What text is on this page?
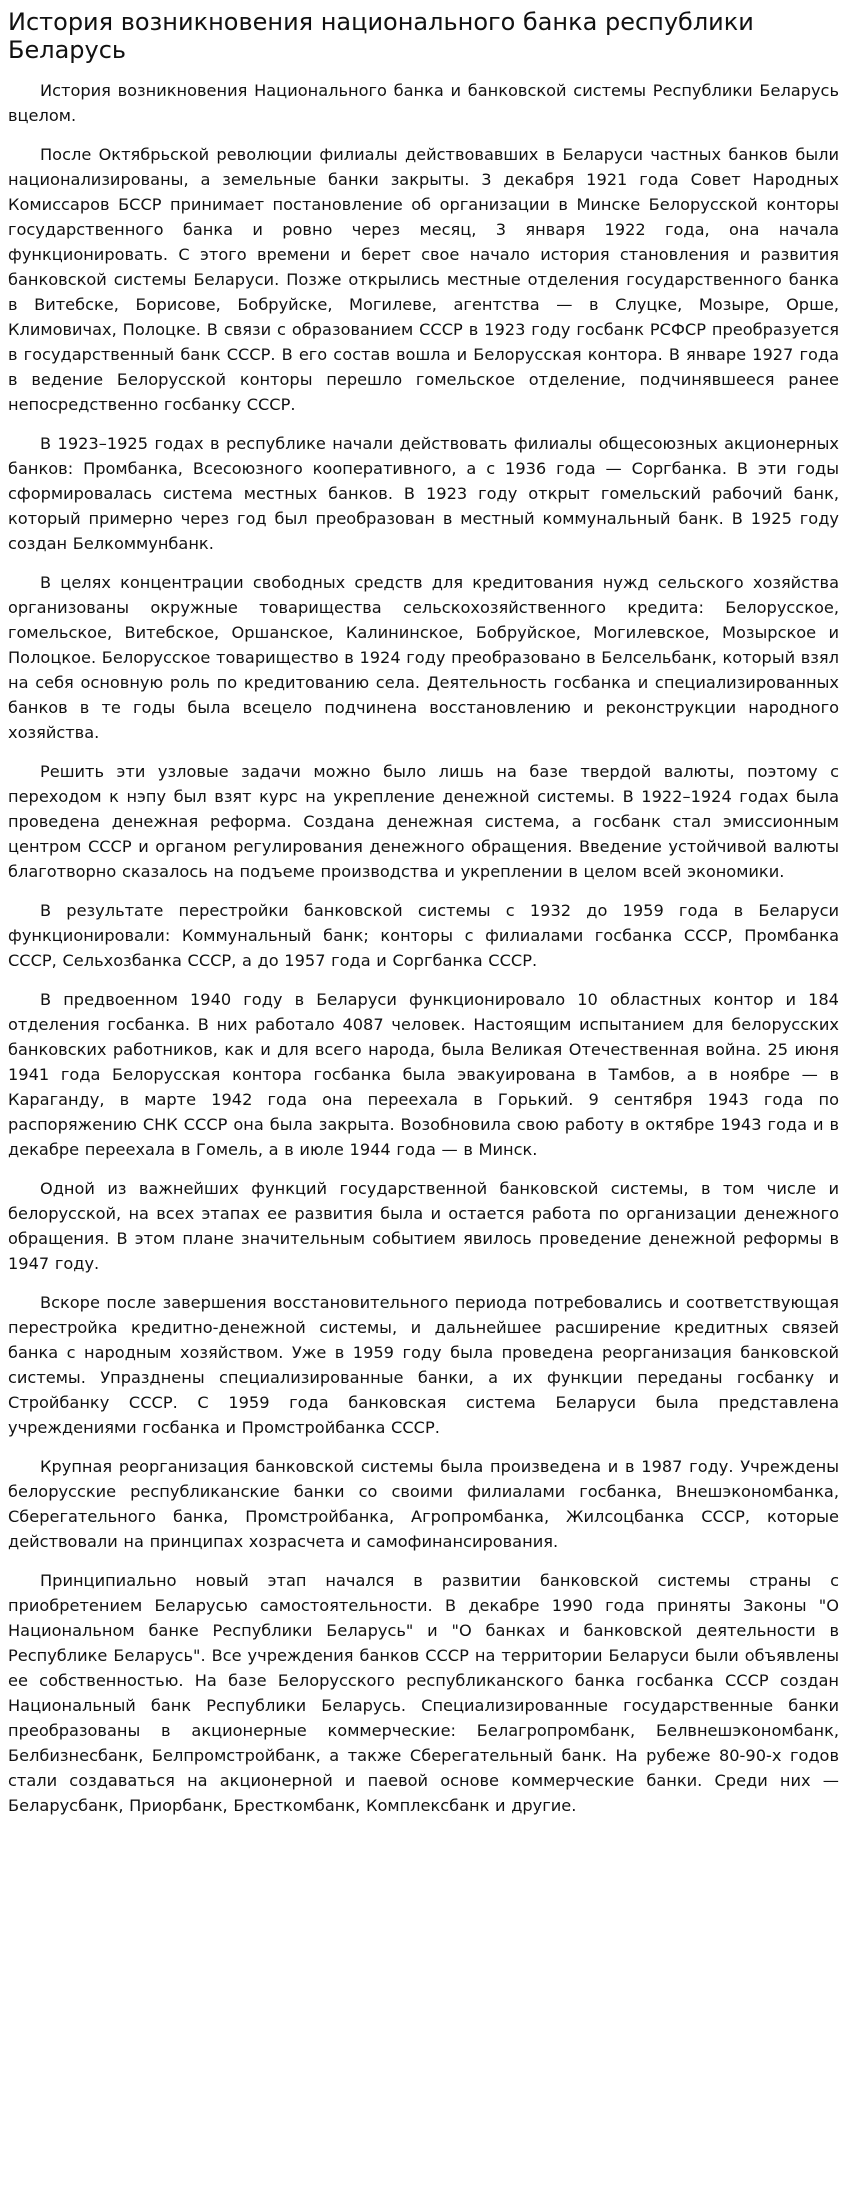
История возникновения национального банка республики Беларусь

История возникновения Национального банка и банковской системы Республики Беларусь вцелом.

После Октябрьской революции филиалы действовавших в Беларуси частных банков были национализированы, а земельные банки закрыты. 3 декабря 1921 года Совет Народных Комиссаров БССР принимает постановление об организации в Минске Белорусской конторы государственного банка и ровно через месяц, 3 января 1922 года, она начала функционировать. С этого времени и берет свое начало история становления и развития банковской системы Беларуси. Позже открылись местные отделения государственного банка в Витебске, Борисове, Бобруйске, Могилеве, агентства — в Слуцке, Мозыре, Орше, Климовичах, Полоцке. В связи с образованием СССР в 1923 году госбанк РСФСР преобразуется в государственный банк СССР. В его состав вошла и Белорусская контора. В январе 1927 года в ведение Белорусской конторы перешло гомельское отделение, подчинявшееся ранее непосредственно госбанку СССР.

В 1923–1925 годах в республике начали действовать филиалы общесоюзных акционерных банков: Промбанка, Всесоюзного кооперативного, а с 1936 года — Соргбанка. В эти годы сформировалась система местных банков. В 1923 году открыт гомельский рабочий банк, который примерно через год был преобразован в местный коммунальный банк. В 1925 году создан Белкоммунбанк.

В целях концентрации свободных средств для кредитования нужд сельского хозяйства организованы окружные товарищества сельскохозяйственного кредита: Белорусское, гомельское, Витебское, Оршанское, Калининское, Бобруйское, Могилевское, Мозырское и Полоцкое. Белорусское товарищество в 1924 году преобразовано в Белсельбанк, который взял на себя основную роль по кредитованию села. Деятельность госбанка и специализированных банков в те годы была всецело подчинена восстановлению и реконструкции народного хозяйства.

Решить эти узловые задачи можно было лишь на базе твердой валюты, поэтому с переходом к нэпу был взят курс на укрепление денежной системы. В 1922–1924 годах была проведена денежная реформа. Создана денежная система, а госбанк стал эмиссионным центром СССР и органом регулирования денежного обращения. Введение устойчивой валюты благотворно сказалось на подъеме производства и укреплении в целом всей экономики.

В результате перестройки банковской системы с 1932 до 1959 года в Беларуси функционировали: Коммунальный банк; конторы с филиалами госбанка СССР, Промбанка СССР, Сельхозбанка СССР, а до 1957 года и Соргбанка СССР.

В предвоенном 1940 году в Беларуси функционировало 10 областных контор и 184 отделения госбанка. В них работало 4087 человек. Настоящим испытанием для белорусских банковских работников, как и для всего народа, была Великая Отечественная война. 25 июня 1941 года Белорусская контора госбанка была эвакуирована в Тамбов, а в ноябре — в Караганду, в марте 1942 года она переехала в Горький. 9 сентября 1943 года по распоряжению СНК СССР она была закрыта. Возобновила свою работу в октябре 1943 года и в декабре переехала в Гомель, а в июле 1944 года — в Минск.

Одной из важнейших функций государственной банковской системы, в том числе и белорусской, на всех этапах ее развития была и остается работа по организации денежного обращения. В этом плане значительным событием явилось проведение денежной реформы в 1947 году.

Вскоре после завершения восстановительного периода потребовались и соответствующая перестройка кредитно-денежной системы, и дальнейшее расширение кредитных связей банка с народным хозяйством. Уже в 1959 году была проведена реорганизация банковской системы. Упразднены специализированные банки, а их функции переданы госбанку и Стройбанку СССР. С 1959 года банковская система Беларуси была представлена учреждениями госбанка и Промстройбанка СССР.

Крупная реорганизация банковской системы была произведена и в 1987 году. Учреждены белорусские республиканские банки со своими филиалами госбанка, Внешэкономбанка, Сберегательного банка, Промстройбанка, Агропромбанка, Жилсоцбанка СССР, которые действовали на принципах хозрасчета и самофинансирования.

Принципиально новый этап начался в развитии банковской системы страны с приобретением Беларусью самостоятельности. В декабре 1990 года приняты Законы "О Национальном банке Республики Беларусь" и "О банках и банковской деятельности в Республике Беларусь". Все учреждения банков СССР на территории Беларуси были объявлены ее собственностью. На базе Белорусского республиканского банка госбанка СССР создан Национальный банк Республики Беларусь. Специализированные государственные банки преобразованы в акционерные коммерческие: Белагропромбанк, Белвнешэкономбанк, Белбизнесбанк, Белпромстройбанк, а также Сберегательный банк. На рубеже 80-90-х годов стали создаваться на акционерной и паевой основе коммерческие банки. Среди них — Беларусбанк, Приорбанк, Бресткомбанк, Комплексбанк и другие.
